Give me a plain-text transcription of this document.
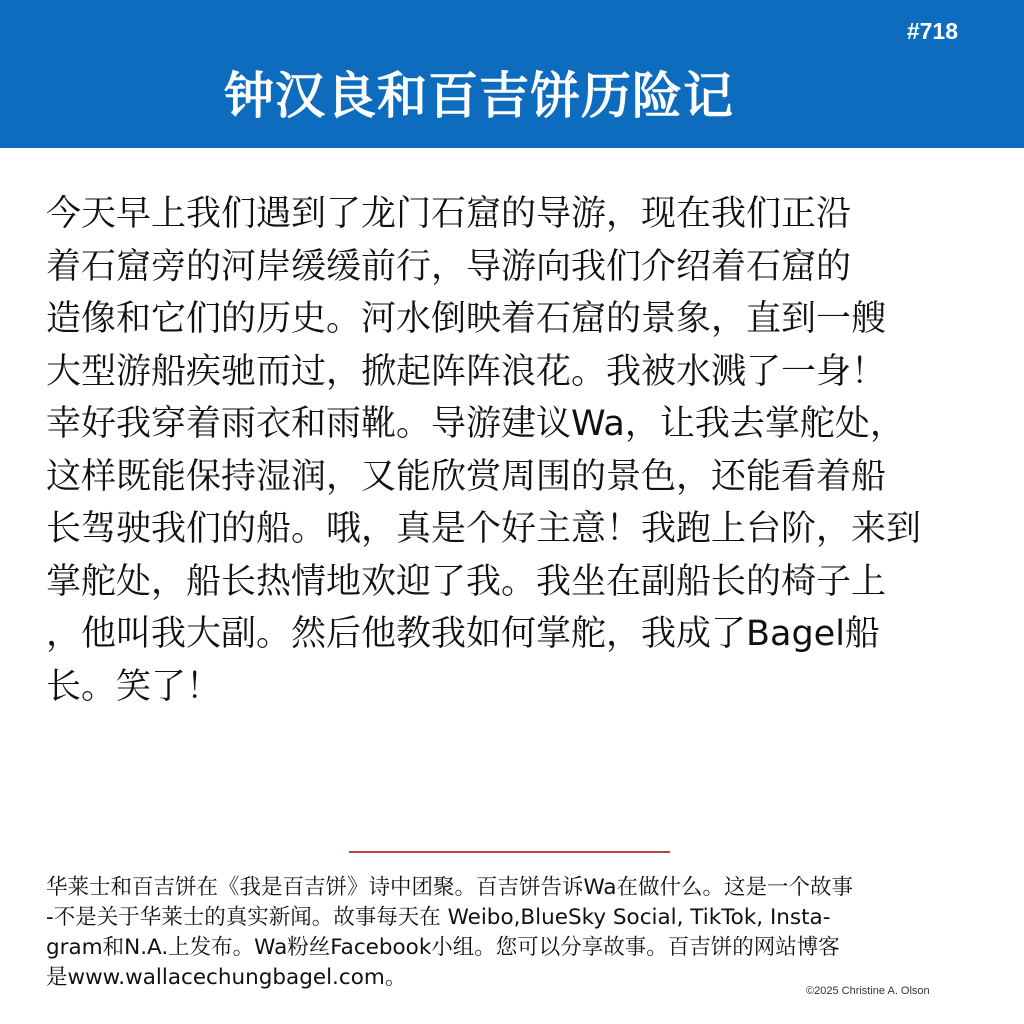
#718
钟汉良和百吉饼历险记
今天早上我们遇到了龙门石窟的导游，现在我们正沿
着石窟旁的河岸缓缓前行，导游向我们介绍着石窟的
造像和它们的历史。河水倒映着石窟的景象，直到一艘
大型游船疾驰而过，掀起阵阵浪花。我被水溅了一身！
幸好我穿着雨衣和雨靴。导游建议Wa，让我去掌舵处，
这样既能保持湿润，又能欣赏周围的景色，还能看着船
长驾驶我们的船。哦，真是个好主意！我跑上台阶，来到
掌舵处，船长热情地欢迎了我。我坐在副船长的椅子上
，他叫我大副。然后他教我如何掌舵，我成了Bagel船
长。笑了！
华莱士和百吉饼在《我是百吉饼》诗中团聚。百吉饼告诉Wa在做什么。这是一个故事
-不是关于华莱士的真实新闻。故事每天在 Weibo,BlueSky Social, TikTok, Insta-
gram和N.A.上发布。Wa粉丝Facebook小组。您可以分享故事。百吉饼的网站博客
是www.wallacechungbagel.com。
©2025 Christine A. Olson
